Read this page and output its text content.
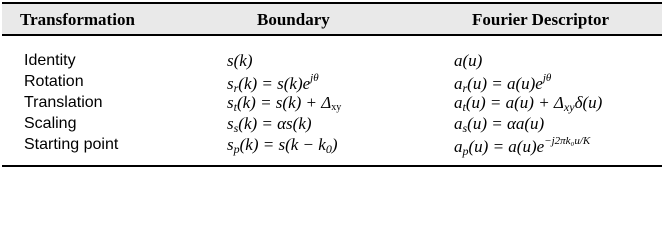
Transformation	Boundary	Fourier Descriptor
Identity	s(k)	a(u)
Rotation	$s_r(k) = s(k)e^{j\theta}$	$a_r(u) = a(u)e^{j\theta}$
Translation	$s_t(k) = s(k) + \Delta xy$	$a_t(u) = a(u) + \Delta_{xy}\delta(u)$
Scaling	$s_s(k) = \alpha s(k)$	$a_s(u) = \alpha a(u)$
Starting point	$s_p(k) = s(k - k_0)$	$a_p(u) = a(u)e^{-j2\pi k_0u/K}$
